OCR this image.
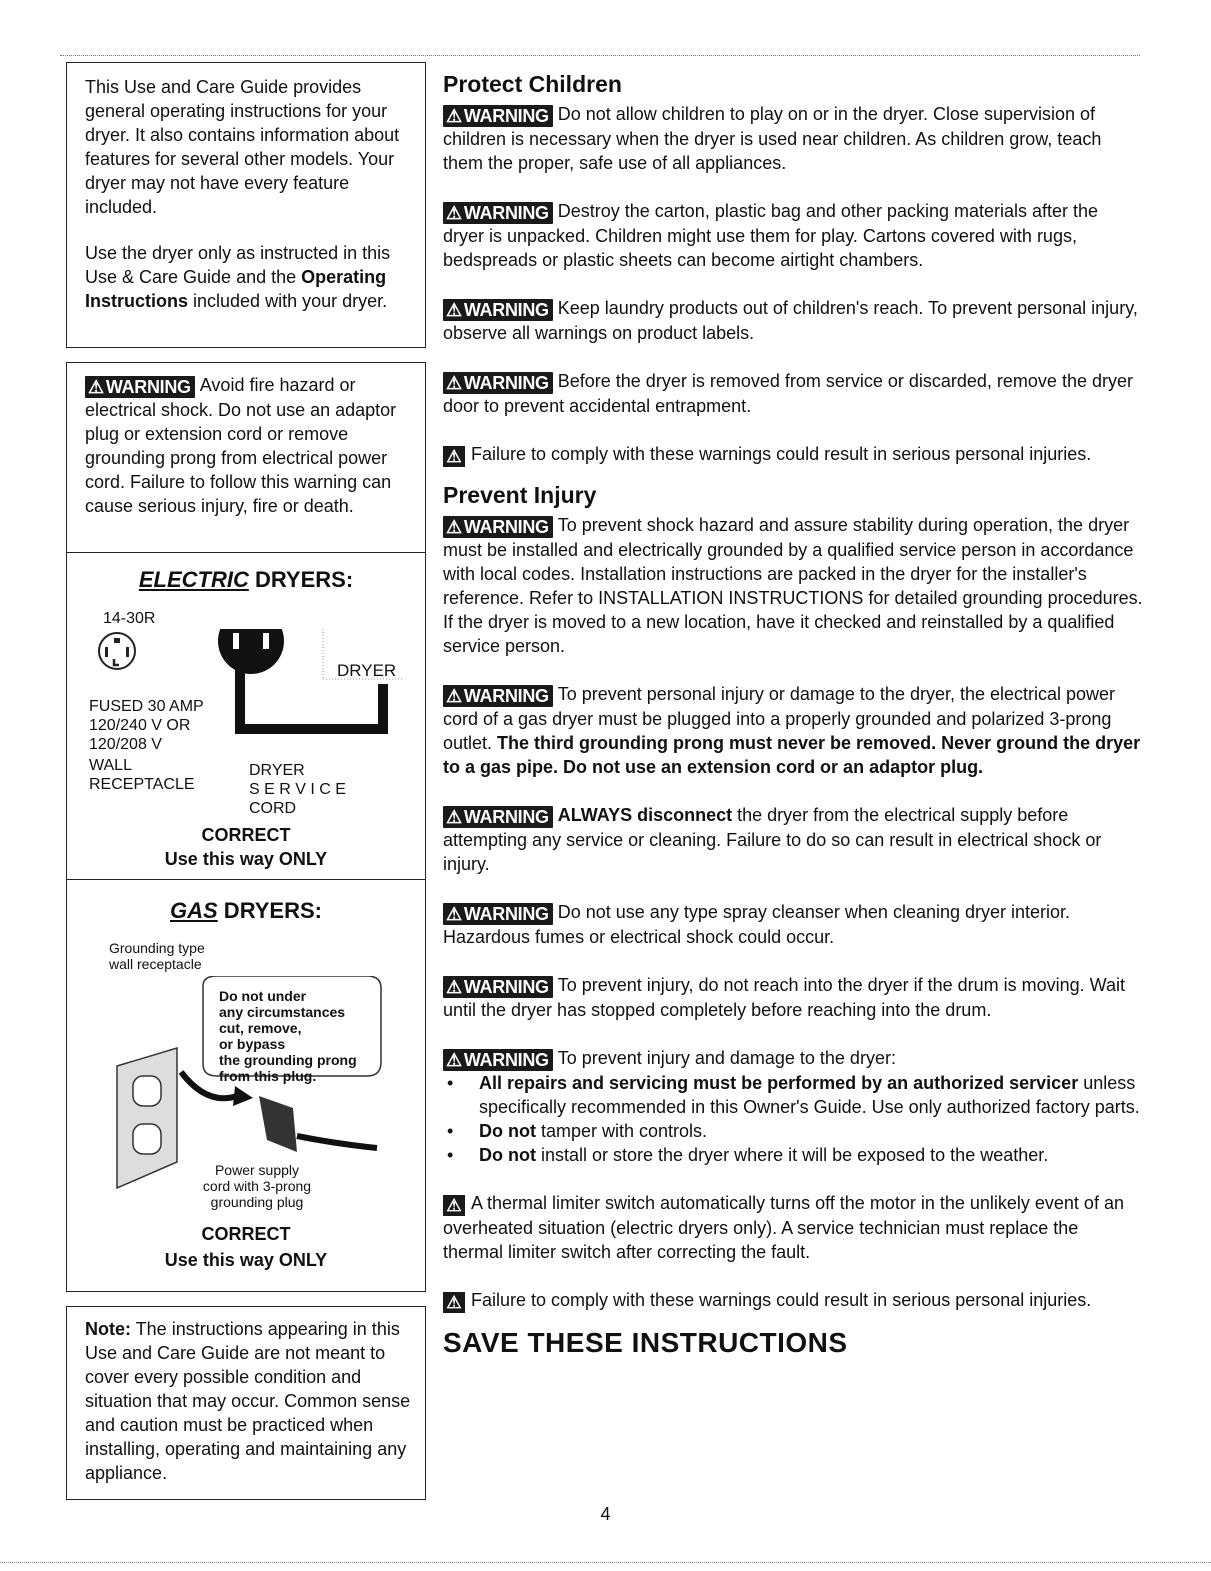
This Use and Care Guide provides general operating instructions for your dryer. It also contains information about features for several other models. Your dryer may not have every feature included.

Use the dryer only as instructed in this Use & Care Guide and the Operating Instructions included with your dryer.

⚠ WARNING Avoid fire hazard or electrical shock. Do not use an adaptor plug or extension cord or remove grounding prong from electrical power cord. Failure to follow this warning can cause serious injury, fire or death.

ELECTRIC DRYERS:
14-30R
DRYER
FUSED 30 AMP
120/240 V OR
120/208 V
WALL
RECEPTACLE
DRYER
S E R V I C E
CORD
CORRECT
Use this way ONLY
GAS DRYERS:
Grounding type
wall receptacle
Do not under
any circumstances
cut, remove,
or bypass
the grounding prong
from this plug.
Power supply
cord with 3-prong
grounding plug
CORRECT
Use this way ONLY

Note: The instructions appearing in this Use and Care Guide are not meant to cover every possible condition and situation that may occur. Common sense and caution must be practiced when installing, operating and maintaining any appliance.

Protect Children

⚠ WARNING Do not allow children to play on or in the dryer. Close supervision of children is necessary when the dryer is used near children. As children grow, teach them the proper, safe use of all appliances.

⚠ WARNING Destroy the carton, plastic bag and other packing materials after the dryer is unpacked. Children might use them for play. Cartons covered with rugs, bedspreads or plastic sheets can become airtight chambers.

⚠ WARNING Keep laundry products out of children's reach. To prevent personal injury, observe all warnings on product labels.

⚠ WARNING Before the dryer is removed from service or discarded, remove the dryer door to prevent accidental entrapment.

⚠ Failure to comply with these warnings could result in serious personal injuries.

Prevent Injury

⚠ WARNING To prevent shock hazard and assure stability during operation, the dryer must be installed and electrically grounded by a qualified service person in accordance with local codes. Installation instructions are packed in the dryer for the installer's reference. Refer to INSTALLATION INSTRUCTIONS for detailed grounding procedures. If the dryer is moved to a new location, have it checked and reinstalled by a qualified service person.

⚠ WARNING To prevent personal injury or damage to the dryer, the electrical power cord of a gas dryer must be plugged into a properly grounded and polarized 3-prong outlet. The third grounding prong must never be removed. Never ground the dryer to a gas pipe. Do not use an extension cord or an adaptor plug.

⚠ WARNING ALWAYS disconnect the dryer from the electrical supply before attempting any service or cleaning. Failure to do so can result in electrical shock or injury.

⚠ WARNING Do not use any type spray cleanser when cleaning dryer interior. Hazardous fumes or electrical shock could occur.

⚠ WARNING To prevent injury, do not reach into the dryer if the drum is moving. Wait until the dryer has stopped completely before reaching into the drum.

⚠ WARNING To prevent injury and damage to the dryer:

• All repairs and servicing must be performed by an authorized servicer unless specifically recommended in this Owner's Guide. Use only authorized factory parts.
• Do not tamper with controls.
• Do not install or store the dryer where it will be exposed to the weather.

⚠ A thermal limiter switch automatically turns off the motor in the unlikely event of an overheated situation (electric dryers only). A service technician must replace the thermal limiter switch after correcting the fault.

⚠ Failure to comply with these warnings could result in serious personal injuries.

SAVE THESE INSTRUCTIONS
4
